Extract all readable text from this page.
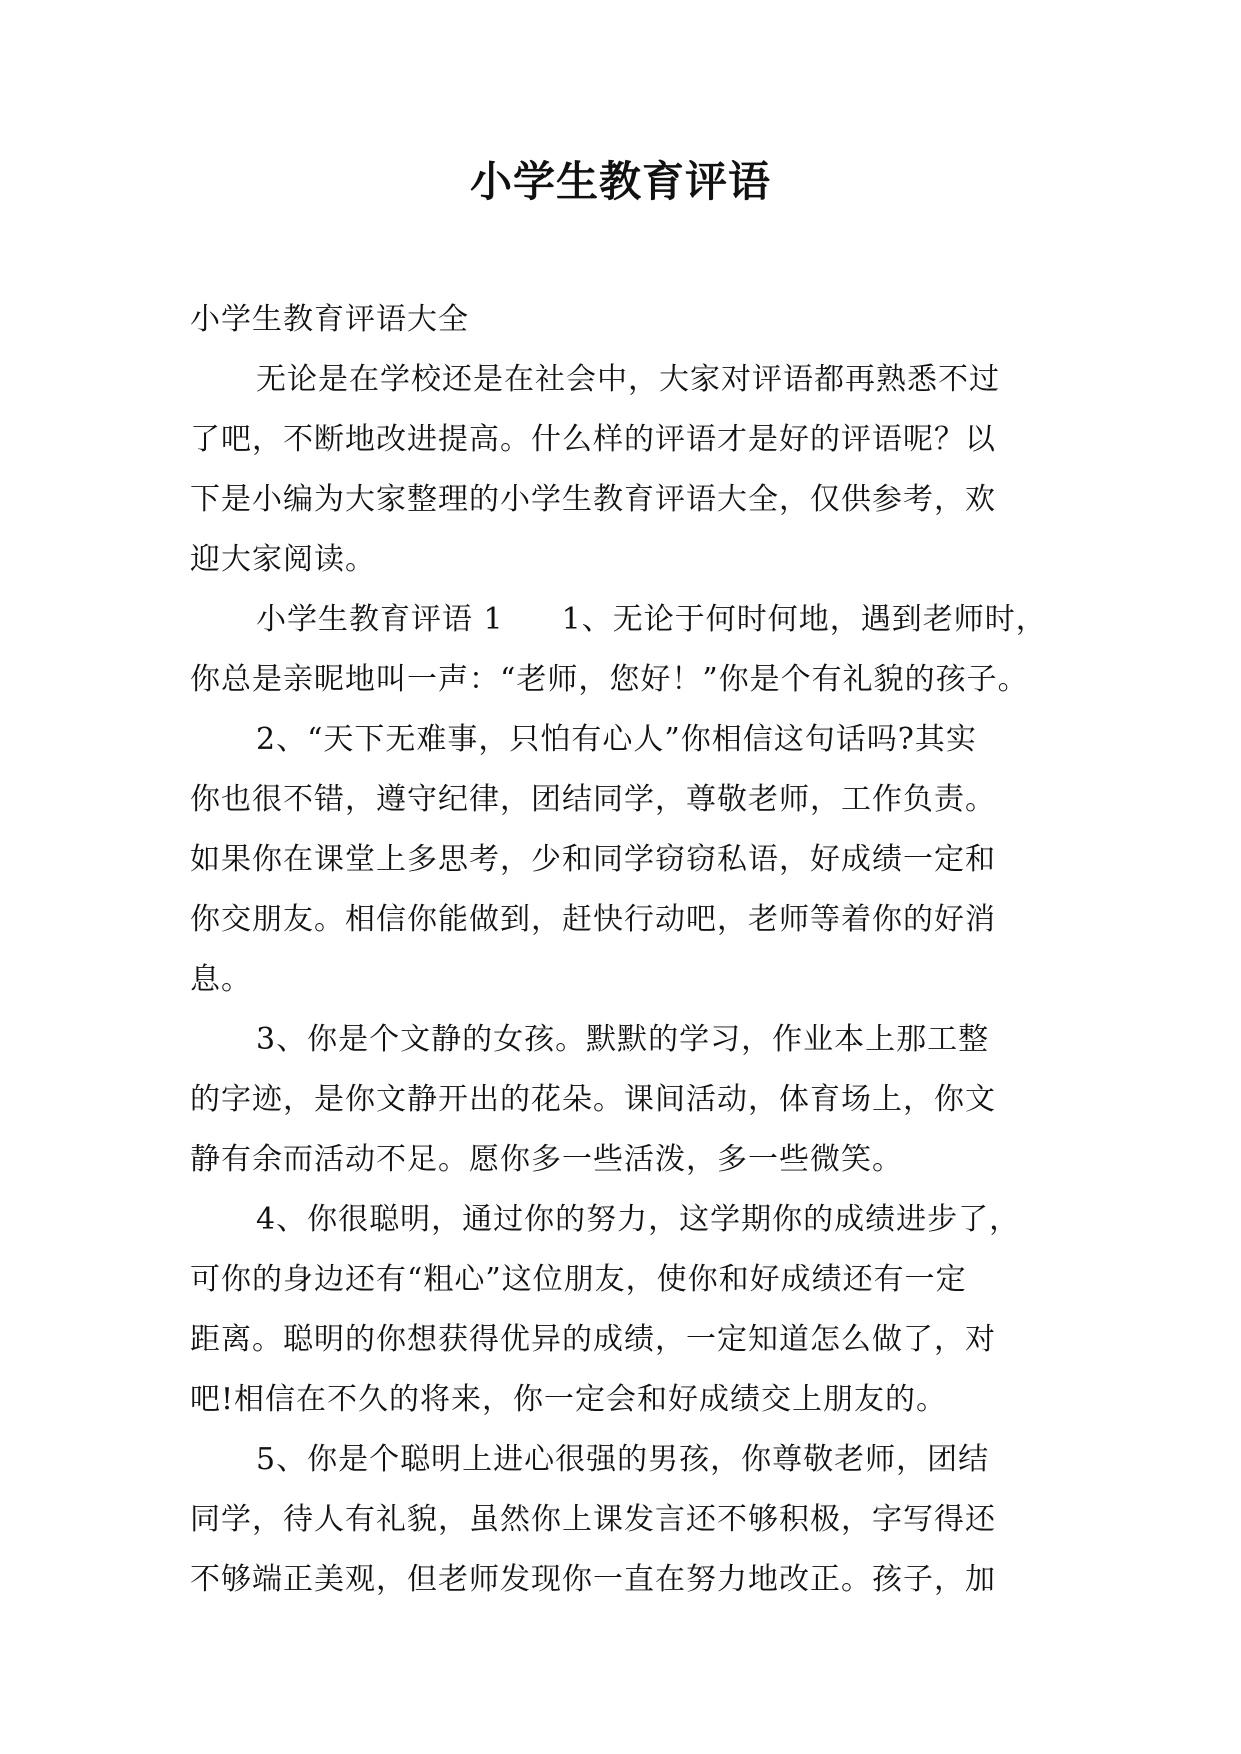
小学生教育评语
小学生教育评语大全
无论是在学校还是在社会中，大家对评语都再熟悉不过
了吧，不断地改进提高。什么样的评语才是好的评语呢？以
下是小编为大家整理的小学生教育评语大全，仅供参考，欢
迎大家阅读。
小学生教育评语 1 1、无论于何时何地，遇到老师时，
你总是亲昵地叫一声：“老师，您好！”你是个有礼貌的孩子。
2、“天下无难事，只怕有心人”你相信这句话吗?其实
你也很不错，遵守纪律，团结同学，尊敬老师，工作负责。
如果你在课堂上多思考，少和同学窃窃私语，好成绩一定和
你交朋友。相信你能做到，赶快行动吧，老师等着你的好消
息。
3、你是个文静的女孩。默默的学习，作业本上那工整
的字迹，是你文静开出的花朵。课间活动，体育场上，你文
静有余而活动不足。愿你多一些活泼，多一些微笑。
4、你很聪明，通过你的努力，这学期你的成绩进步了，
可你的身边还有“粗心”这位朋友，使你和好成绩还有一定
距离。聪明的你想获得优异的成绩，一定知道怎么做了，对
吧!相信在不久的将来，你一定会和好成绩交上朋友的。
5、你是个聪明上进心很强的男孩，你尊敬老师，团结
同学，待人有礼貌，虽然你上课发言还不够积极，字写得还
不够端正美观，但老师发现你一直在努力地改正。孩子，加
